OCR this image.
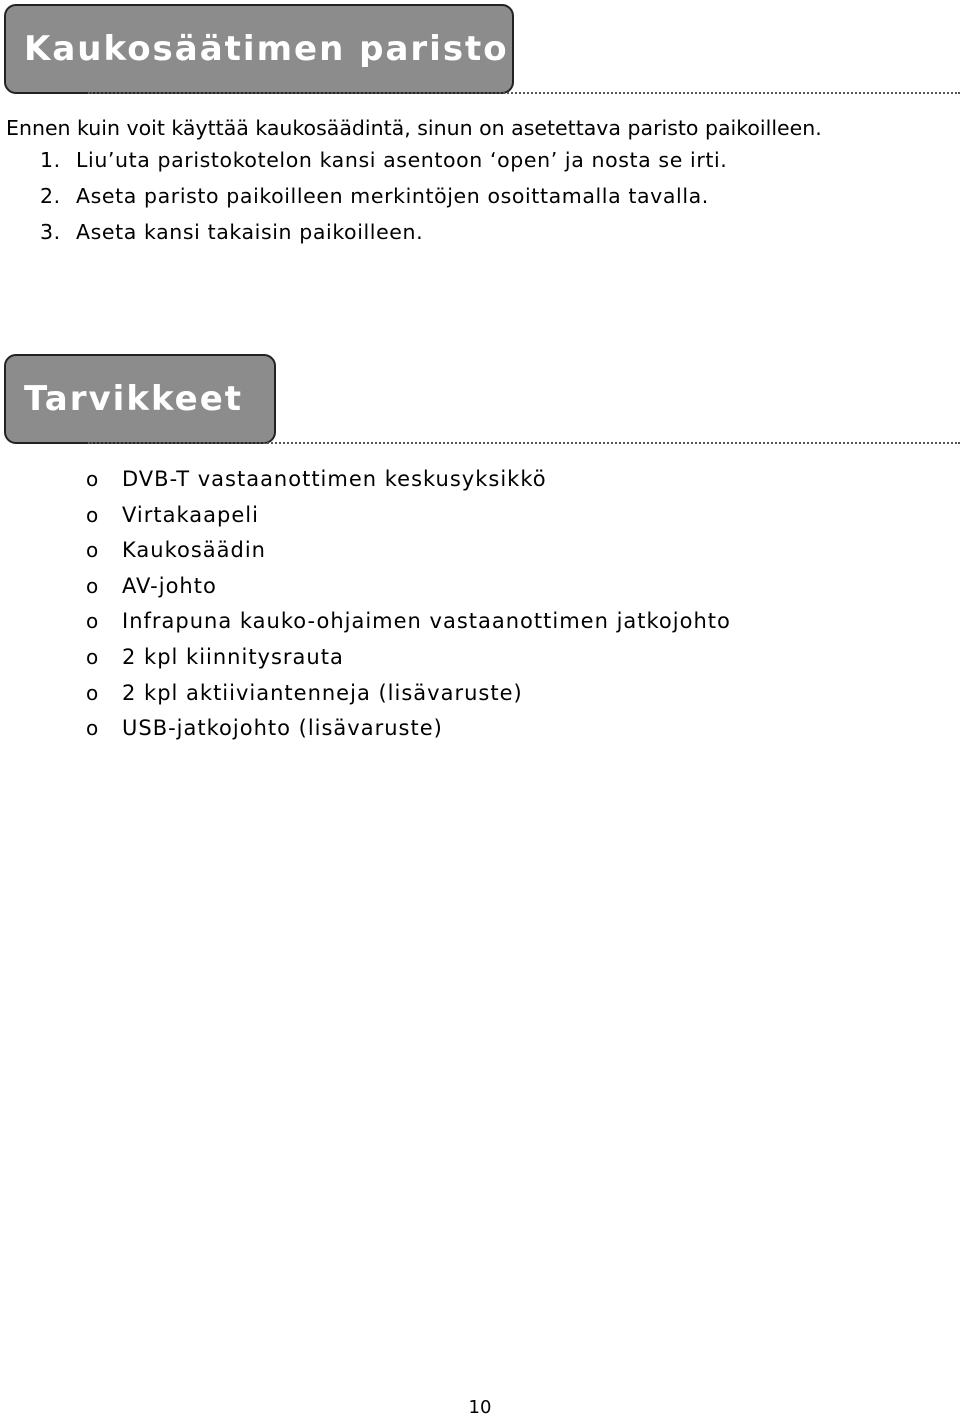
Kaukosäätimen paristo
Ennen kuin voit käyttää kaukosäädintä, sinun on asetettava paristo paikoilleen.
1. Liu’uta paristokotelon kansi asentoon ‘open’ ja nosta se irti.
2. Aseta paristo paikoilleen merkintöjen osoittamalla tavalla.
3. Aseta kansi takaisin paikoilleen.
Tarvikkeet
o DVB-T vastaanottimen keskusyksikkö
o Virtakaapeli
o Kaukosäädin
o AV-johto
o Infrapuna kauko-ohjaimen vastaanottimen jatkojohto
o 2 kpl kiinnitysrauta
o 2 kpl aktiiviantenneja (lisävaruste)
o USB-jatkojohto (lisävaruste)
10
